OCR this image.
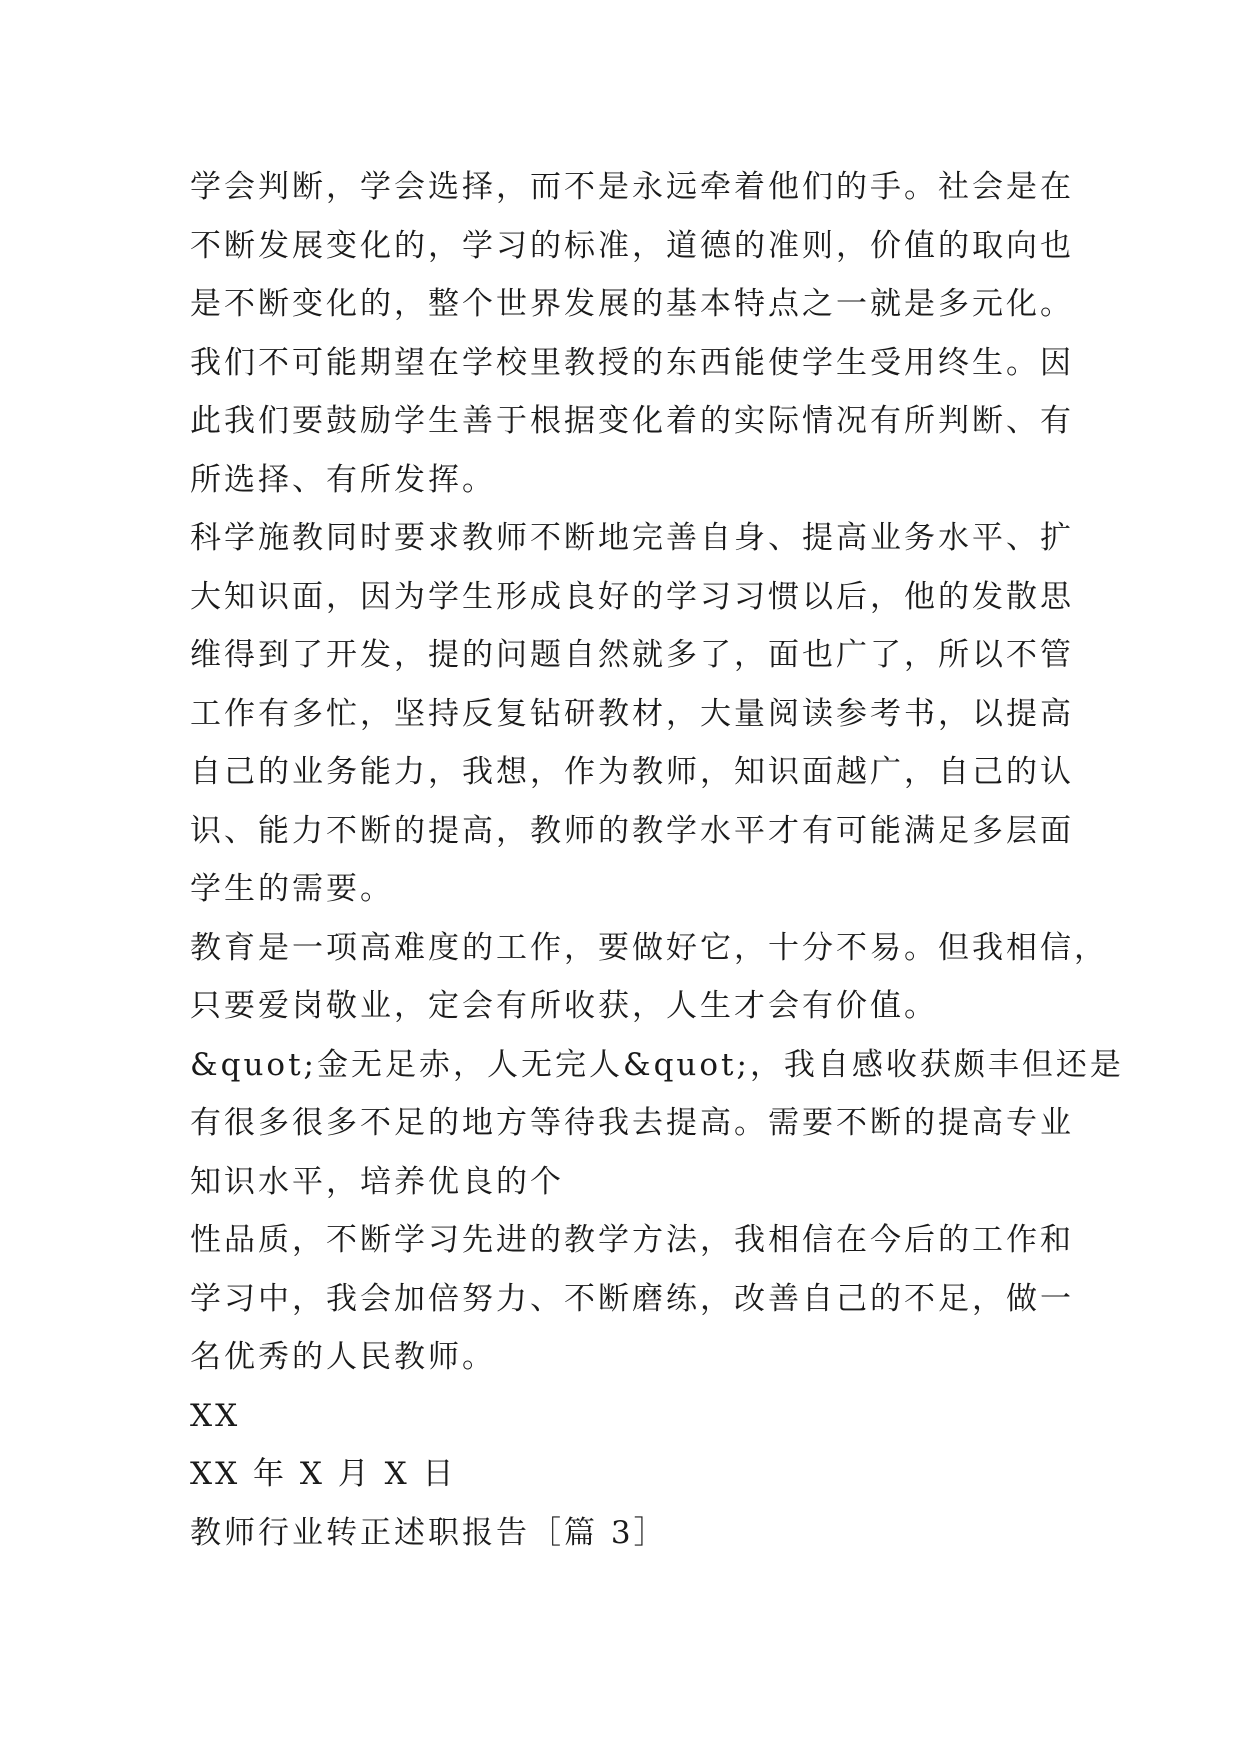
学会判断，学会选择，而不是永远牵着他们的手。社会是在
不断发展变化的，学习的标准，道德的准则，价值的取向也
是不断变化的，整个世界发展的基本特点之一就是多元化。
我们不可能期望在学校里教授的东西能使学生受用终生。因
此我们要鼓励学生善于根据变化着的实际情况有所判断、有
所选择、有所发挥。
科学施教同时要求教师不断地完善自身、提高业务水平、扩
大知识面，因为学生形成良好的学习习惯以后，他的发散思
维得到了开发，提的问题自然就多了，面也广了，所以不管
工作有多忙，坚持反复钻研教材，大量阅读参考书，以提高
自己的业务能力，我想，作为教师，知识面越广，自己的认
识、能力不断的提高，教师的教学水平才有可能满足多层面
学生的需要。
教育是一项高难度的工作，要做好它，十分不易。但我相信，
只要爱岗敬业，定会有所收获，人生才会有价值。
&quot;金无足赤，人无完人&quot;，我自感收获颇丰但还是
有很多很多不足的地方等待我去提高。需要不断的提高专业
知识水平，培养优良的个
性品质，不断学习先进的教学方法，我相信在今后的工作和
学习中，我会加倍努力、不断磨练，改善自己的不足，做一
名优秀的人民教师。
XX
XX 年 X 月 X 日
教师行业转正述职报告［篇 3］
